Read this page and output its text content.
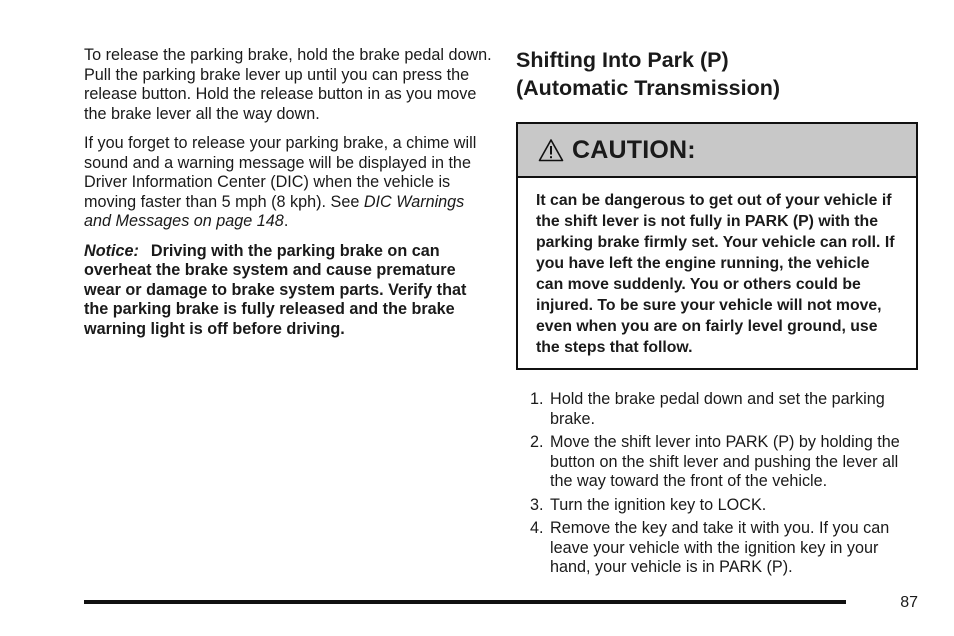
To release the parking brake, hold the brake pedal down. Pull the parking brake lever up until you can press the release button. Hold the release button in as you move the brake lever all the way down.

If you forget to release your parking brake, a chime will sound and a warning message will be displayed in the Driver Information Center (DIC) when the vehicle is moving faster than 5 mph (8 kph). See DIC Warnings and Messages on page 148.

Notice: Driving with the parking brake on can overheat the brake system and cause premature wear or damage to brake system parts. Verify that the parking brake is fully released and the brake warning light is off before driving.

Shifting Into Park (P)
(Automatic Transmission)
CAUTION:
It can be dangerous to get out of your vehicle if the shift lever is not fully in PARK (P) with the parking brake firmly set. Your vehicle can roll. If you have left the engine running, the vehicle can move suddenly. You or others could be injured. To be sure your vehicle will not move, even when you are on fairly level ground, use the steps that follow.
1. Hold the brake pedal down and set the parking brake.
2. Move the shift lever into PARK (P) by holding the button on the shift lever and pushing the lever all the way toward the front of the vehicle.
3. Turn the ignition key to LOCK.
4. Remove the key and take it with you. If you can leave your vehicle with the ignition key in your hand, your vehicle is in PARK (P).
87
